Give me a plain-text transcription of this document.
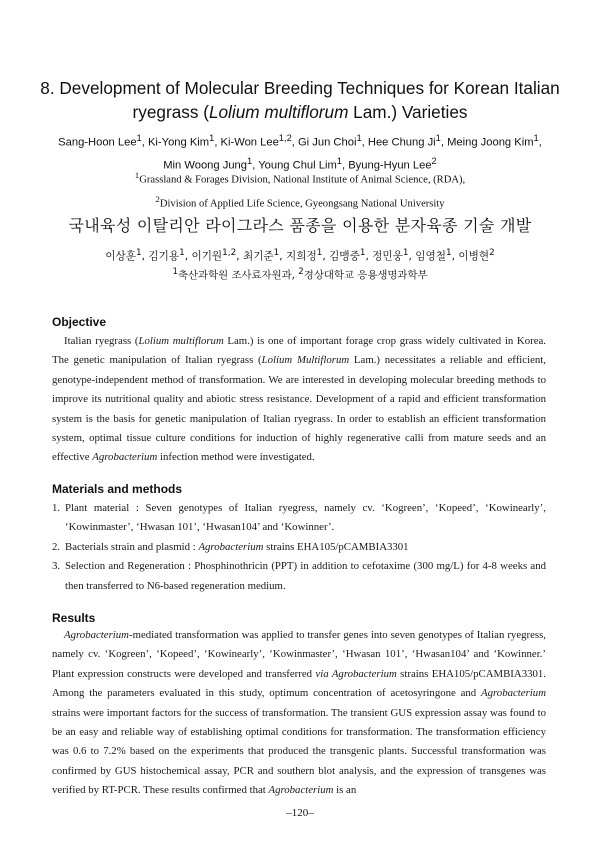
8. Development of Molecular Breeding Techniques for Korean Italian
ryegrass (Lolium multiflorum Lam.) Varieties
Sang-Hoon Lee$^1$, Ki-Yong Kim$^1$, Ki-Won Lee$^{1,2}$, Gi Jun Choi$^1$, Hee Chung Ji$^1$, Meing Joong Kim$^1$,
Min Woong Jung$^1$, Young Chul Lim$^1$, Byung-Hyun Lee$^2$
$^1$Grassland & Forages Division, National Institute of Animal Science, (RDA),
$^2$Division of Applied Life Science, Gyeongsang National University
국내육성 이탈리안 라이그라스 품종을 이용한 분자육종 기술 개발
이상훈$^1$, 김기용$^1$, 이기원$^{1,2}$, 최기준$^1$, 지희정$^1$, 김맹중$^1$, 정민웅$^1$, 임영철$^1$, 이병현$^2$
$^1$축산과학원 조사료자원과, $^2$경상대학교 응용생명과학부
Objective

Italian ryegrass (Lolium multiflorum Lam.) is one of important forage crop grass widely cultivated in Korea. The genetic manipulation of Italian ryegrass (Lolium Multiflorum Lam.) necessitates a reliable and efficient, genotype-independent method of transformation. We are interested in developing molecular breeding methods to improve its nutritional quality and abiotic stress resistance. Development of a rapid and efficient transformation system is the basis for genetic manipulation of Italian ryegrass. In order to establish an efficient transformation system, optimal tissue culture conditions for induction of highly regenerative calli from mature seeds and an effective Agrobacterium infection method were investigated.

Materials and methods
1. Plant material : Seven genotypes of Italian ryegress, namely cv. ‘Kogreen’, ‘Kopeed’, ‘Kowinearly’, ‘Kowinmaster’, ‘Hwasan 101’, ‘Hwasan104’ and ‘Kowinner’.
2. Bacterials strain and plasmid : Agrobacterium strains EHA105/pCAMBIA3301
3. Selection and Regeneration : Phosphinothricin (PPT) in addition to cefotaxime (300 mg/L) for 4-8 weeks and then transferred to N6-based regeneration medium.
Results

Agrobacterium-mediated transformation was applied to transfer genes into seven genotypes of Italian ryegress, namely cv. ‘Kogreen’, ‘Kopeed’, ‘Kowinearly’, ‘Kowinmaster’, ‘Hwasan 101’, ‘Hwasan104’ and ‘Kowinner.’ Plant expression constructs were developed and transferred via Agrobacterium strains EHA105/pCAMBIA3301. Among the parameters evaluated in this study, optimum concentration of acetosyringone and Agrobacterium strains were important factors for the success of transformation. The transient GUS expression assay was found to be an easy and reliable way of establishing optimal conditions for transformation. The transformation efficiency was 0.6 to 7.2% based on the experiments that produced the transgenic plants. Successful transformation was confirmed by GUS histochemical assay, PCR and southern blot analysis, and the expression of transgenes was verified by RT-PCR. These results confirmed that Agrobacterium is an

–120–
